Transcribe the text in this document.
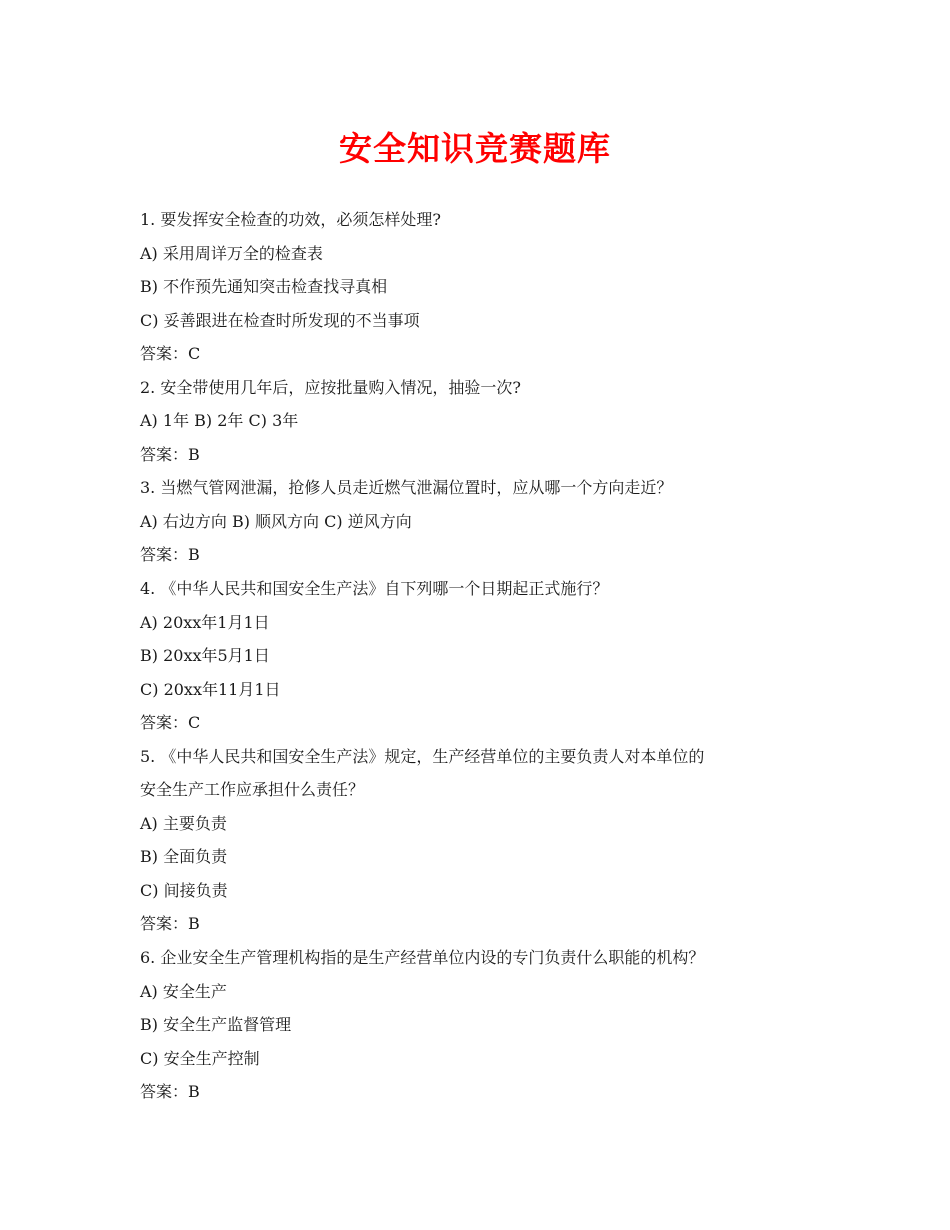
安全知识竞赛题库
1. 要发挥安全检查的功效，必须怎样处理?
A) 采用周详万全的检查表
B) 不作预先通知突击检查找寻真相
C) 妥善跟进在检查时所发现的不当事项
答案：C
2. 安全带使用几年后，应按批量购入情况，抽验一次?
A) 1年 B) 2年 C) 3年
答案：B
3. 当燃气管网泄漏，抢修人员走近燃气泄漏位置时，应从哪一个方向走近？
A) 右边方向 B) 顺风方向 C) 逆风方向
答案：B
4. 《中华人民共和国安全生产法》自下列哪一个日期起正式施行？
A) 20xx年1月1日
B) 20xx年5月1日
C) 20xx年11月1日
答案：C
5. 《中华人民共和国安全生产法》规定，生产经营单位的主要负责人对本单位的
安全生产工作应承担什么责任？
A) 主要负责
B) 全面负责
C) 间接负责
答案：B
6. 企业安全生产管理机构指的是生产经营单位内设的专门负责什么职能的机构？
A) 安全生产
B) 安全生产监督管理
C) 安全生产控制
答案：B
